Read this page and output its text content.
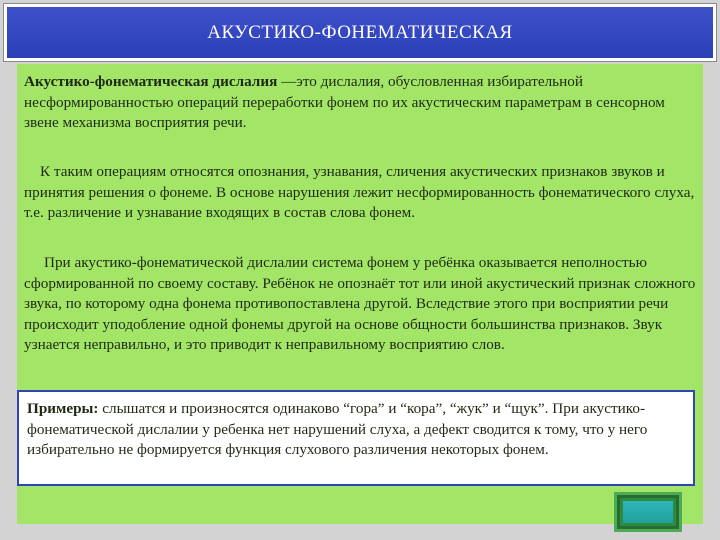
АКУСТИКО-ФОНЕМАТИЧЕСКАЯ

Акустико-фонематическая дислалия —это дислалия, обусловленная избирательной несформированностью операций переработки фонем по их акустическим параметрам в сенсорном звене механизма восприятия речи.

К таким операциям относятся опознания, узнавания, сличения акустических признаков звуков и принятия решения о фонеме. В основе нарушения лежит несформированность фонематического слуха, т.е. различение и узнавание входящих в состав слова фонем.

При акустико-фонематической дислалии система фонем у ребёнка оказывается неполностью сформированной по своему составу. Ребёнок не опознаёт тот или иной акустический признак сложного звука, по которому одна фонема противопоставлена другой. Вследствие этого при восприятии речи происходит уподобление одной фонемы другой на основе общности большинства признаков. Звук узнается неправильно, и это приводит к неправильному восприятию слов.

Примеры: слышатся и произносятся одинаково “гора” и “кора”, “жук” и “щук”. При акустико-фонематической дислалии у ребенка нет нарушений слуха, а дефект сводится к тому, что у него избирательно не формируется функция слухового различения некоторых фонем.
